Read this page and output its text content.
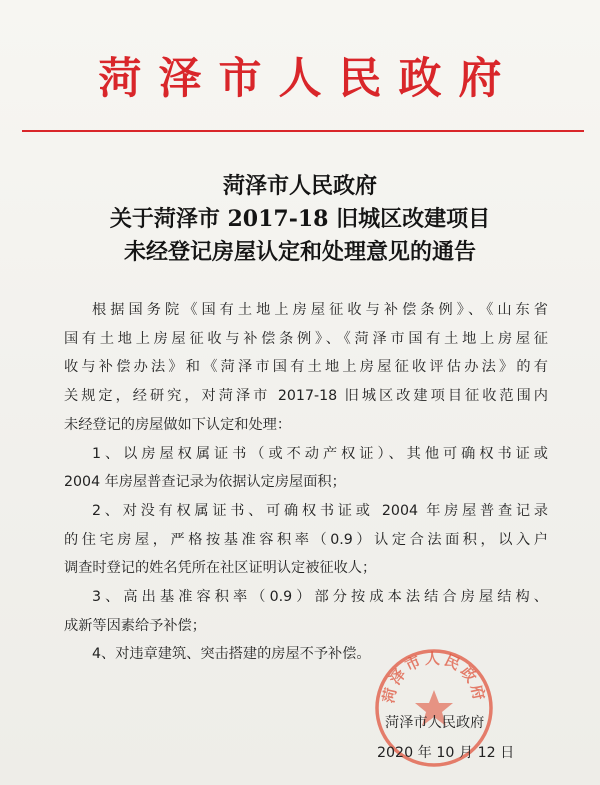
菏泽市人民政府
菏泽市人民政府
关于菏泽市 2017-18 旧城区改建项目
未经登记房屋认定和处理意见的通告
根据国务院《国有土地上房屋征收与补偿条例》、《山东省
国有土地上房屋征收与补偿条例》、《菏泽市国有土地上房屋征
收与补偿办法》和《菏泽市国有土地上房屋征收评估办法》的有
关规定，经研究，对菏泽市 2017-18 旧城区改建项目征收范围内
未经登记的房屋做如下认定和处理：
1、以房屋权属证书（或不动产权证）、其他可确权书证或
2004 年房屋普查记录为依据认定房屋面积；
2、对没有权属证书、可确权书证或 2004 年房屋普查记录
的住宅房屋，严格按基准容积率（0.9）认定合法面积，以入户
调查时登记的姓名凭所在社区证明认定被征收人；
3、高出基准容积率（0.9）部分按成本法结合房屋结构、
成新等因素给予补偿；
4、对违章建筑、突击搭建的房屋不予补偿。
菏泽市人民政府
菏泽市人民政府
2020 年 10 月 12 日
